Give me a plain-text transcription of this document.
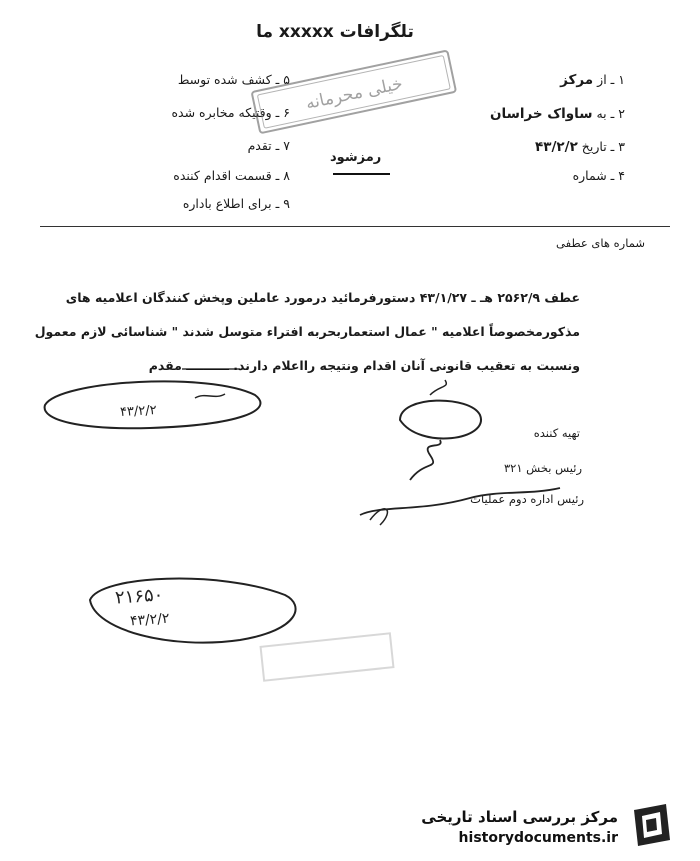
تلگرافات xxxxx ما
۱ ـ از مرکز
۲ ـ به ساواک خراسان
۳ ـ تاریخ ۴۳/۲/۲
۴ ـ شماره
۵ ـ کشف شده توسط
۶ ـ وقتیکه مخابره شده
۷ ـ تقدم
۸ ـ قسمت اقدام کننده
۹ ـ برای اطلاع باداره
رمزشود
شماره های عطفی
عطف ۲۵۶۲/۹ هـ ـ ۴۳/۱/۲۷ دستورفرمائید درمورد عاملین وپخش کنندگان اعلامیه های
مذکورمخصوصاً اعلامیه " عمال استعماربحربه افتراء متوسل شدند " شناسائی لازم معمول
ونسبت به تعقیب قانونی آنان اقدام ونتیجه رااعلام دارند. ــــــــــ مقدم
تهیه کننده
رئیس بخش ۳۲۱
رئیس اداره دوم عملیات
۴۳/۲/۲
۲۱۶۵۰
۴۳/۲/۲
خیلی محرمانه
مرکز بررسی اسناد تاریخی
historydocuments.ir
